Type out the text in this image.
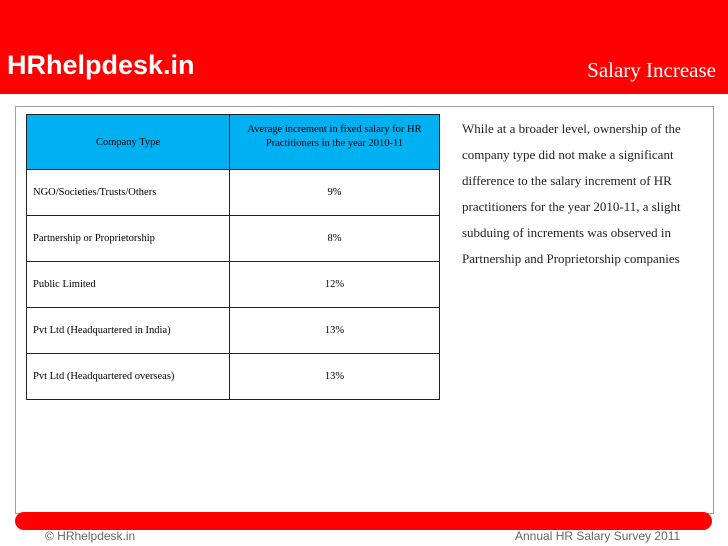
HRhelpdesk.in	Salary Increase
Company Type	Average increment in fixed salary for HR Practitioners in the year 2010-11
NGO/Societies/Trusts/Others	9%
Partnership or Proprietorship	8%
Public Limited	12%
Pvt Ltd (Headquartered in India)	13%
Pvt Ltd (Headquartered overseas)	13%
While at a broader level, ownership of the company type did not make a significant difference to the salary increment of HR practitioners for the year 2010-11, a slight subduing of increments was observed in Partnership and Proprietorship companies
© HRhelpdesk.in	Annual HR Salary Survey 2011
